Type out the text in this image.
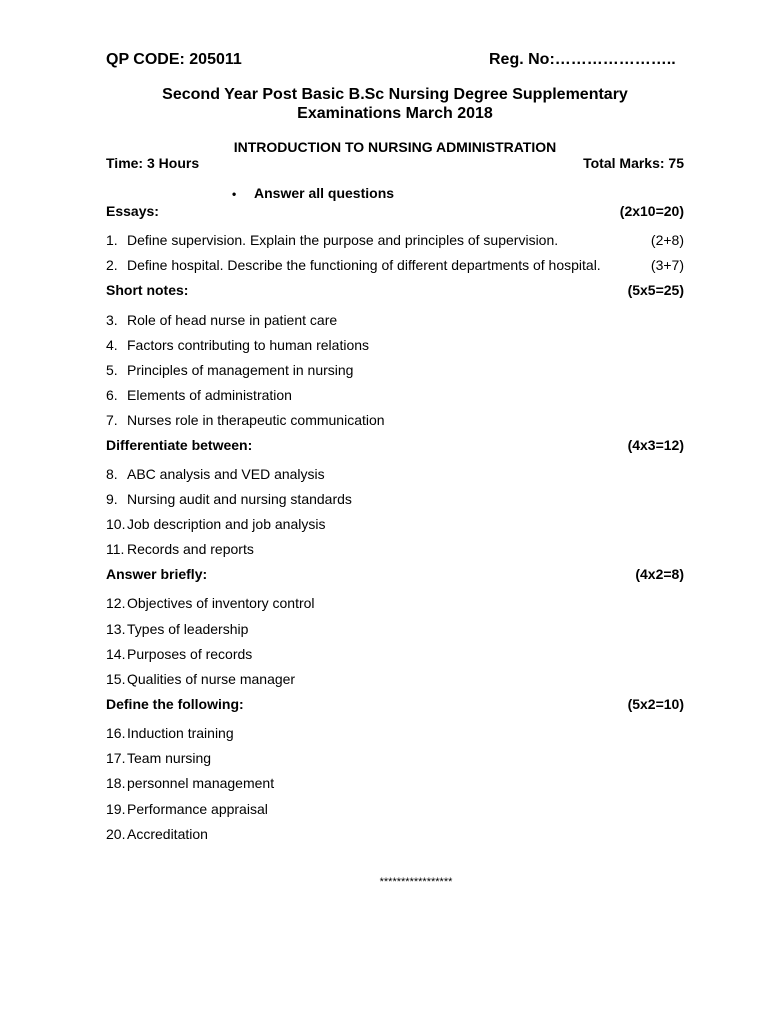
QP CODE: 205011	Reg. No:…………………..
Second Year Post Basic B.Sc Nursing Degree Supplementary
Examinations March 2018
INTRODUCTION TO NURSING ADMINISTRATION
Time: 3 Hours	Total Marks: 75
• Answer all questions
Essays:	(2x10=20)
1. Define supervision. Explain the purpose and principles of supervision.	(2+8)
2. Define hospital. Describe the functioning of different departments of hospital.	(3+7)
Short notes:	(5x5=25)
3. Role of head nurse in patient care
4. Factors contributing to human relations
5. Principles of management in nursing
6. Elements of administration
7. Nurses role in therapeutic communication
Differentiate between:	(4x3=12)
8. ABC analysis and VED analysis
9. Nursing audit and nursing standards
10. Job description and job analysis
11. Records and reports
Answer briefly:	(4x2=8)
12. Objectives of inventory control
13. Types of leadership
14. Purposes of records
15. Qualities of nurse manager
Define the following:	(5x2=10)
16. Induction training
17. Team nursing
18. personnel management
19. Performance appraisal
20. Accreditation
*****************
